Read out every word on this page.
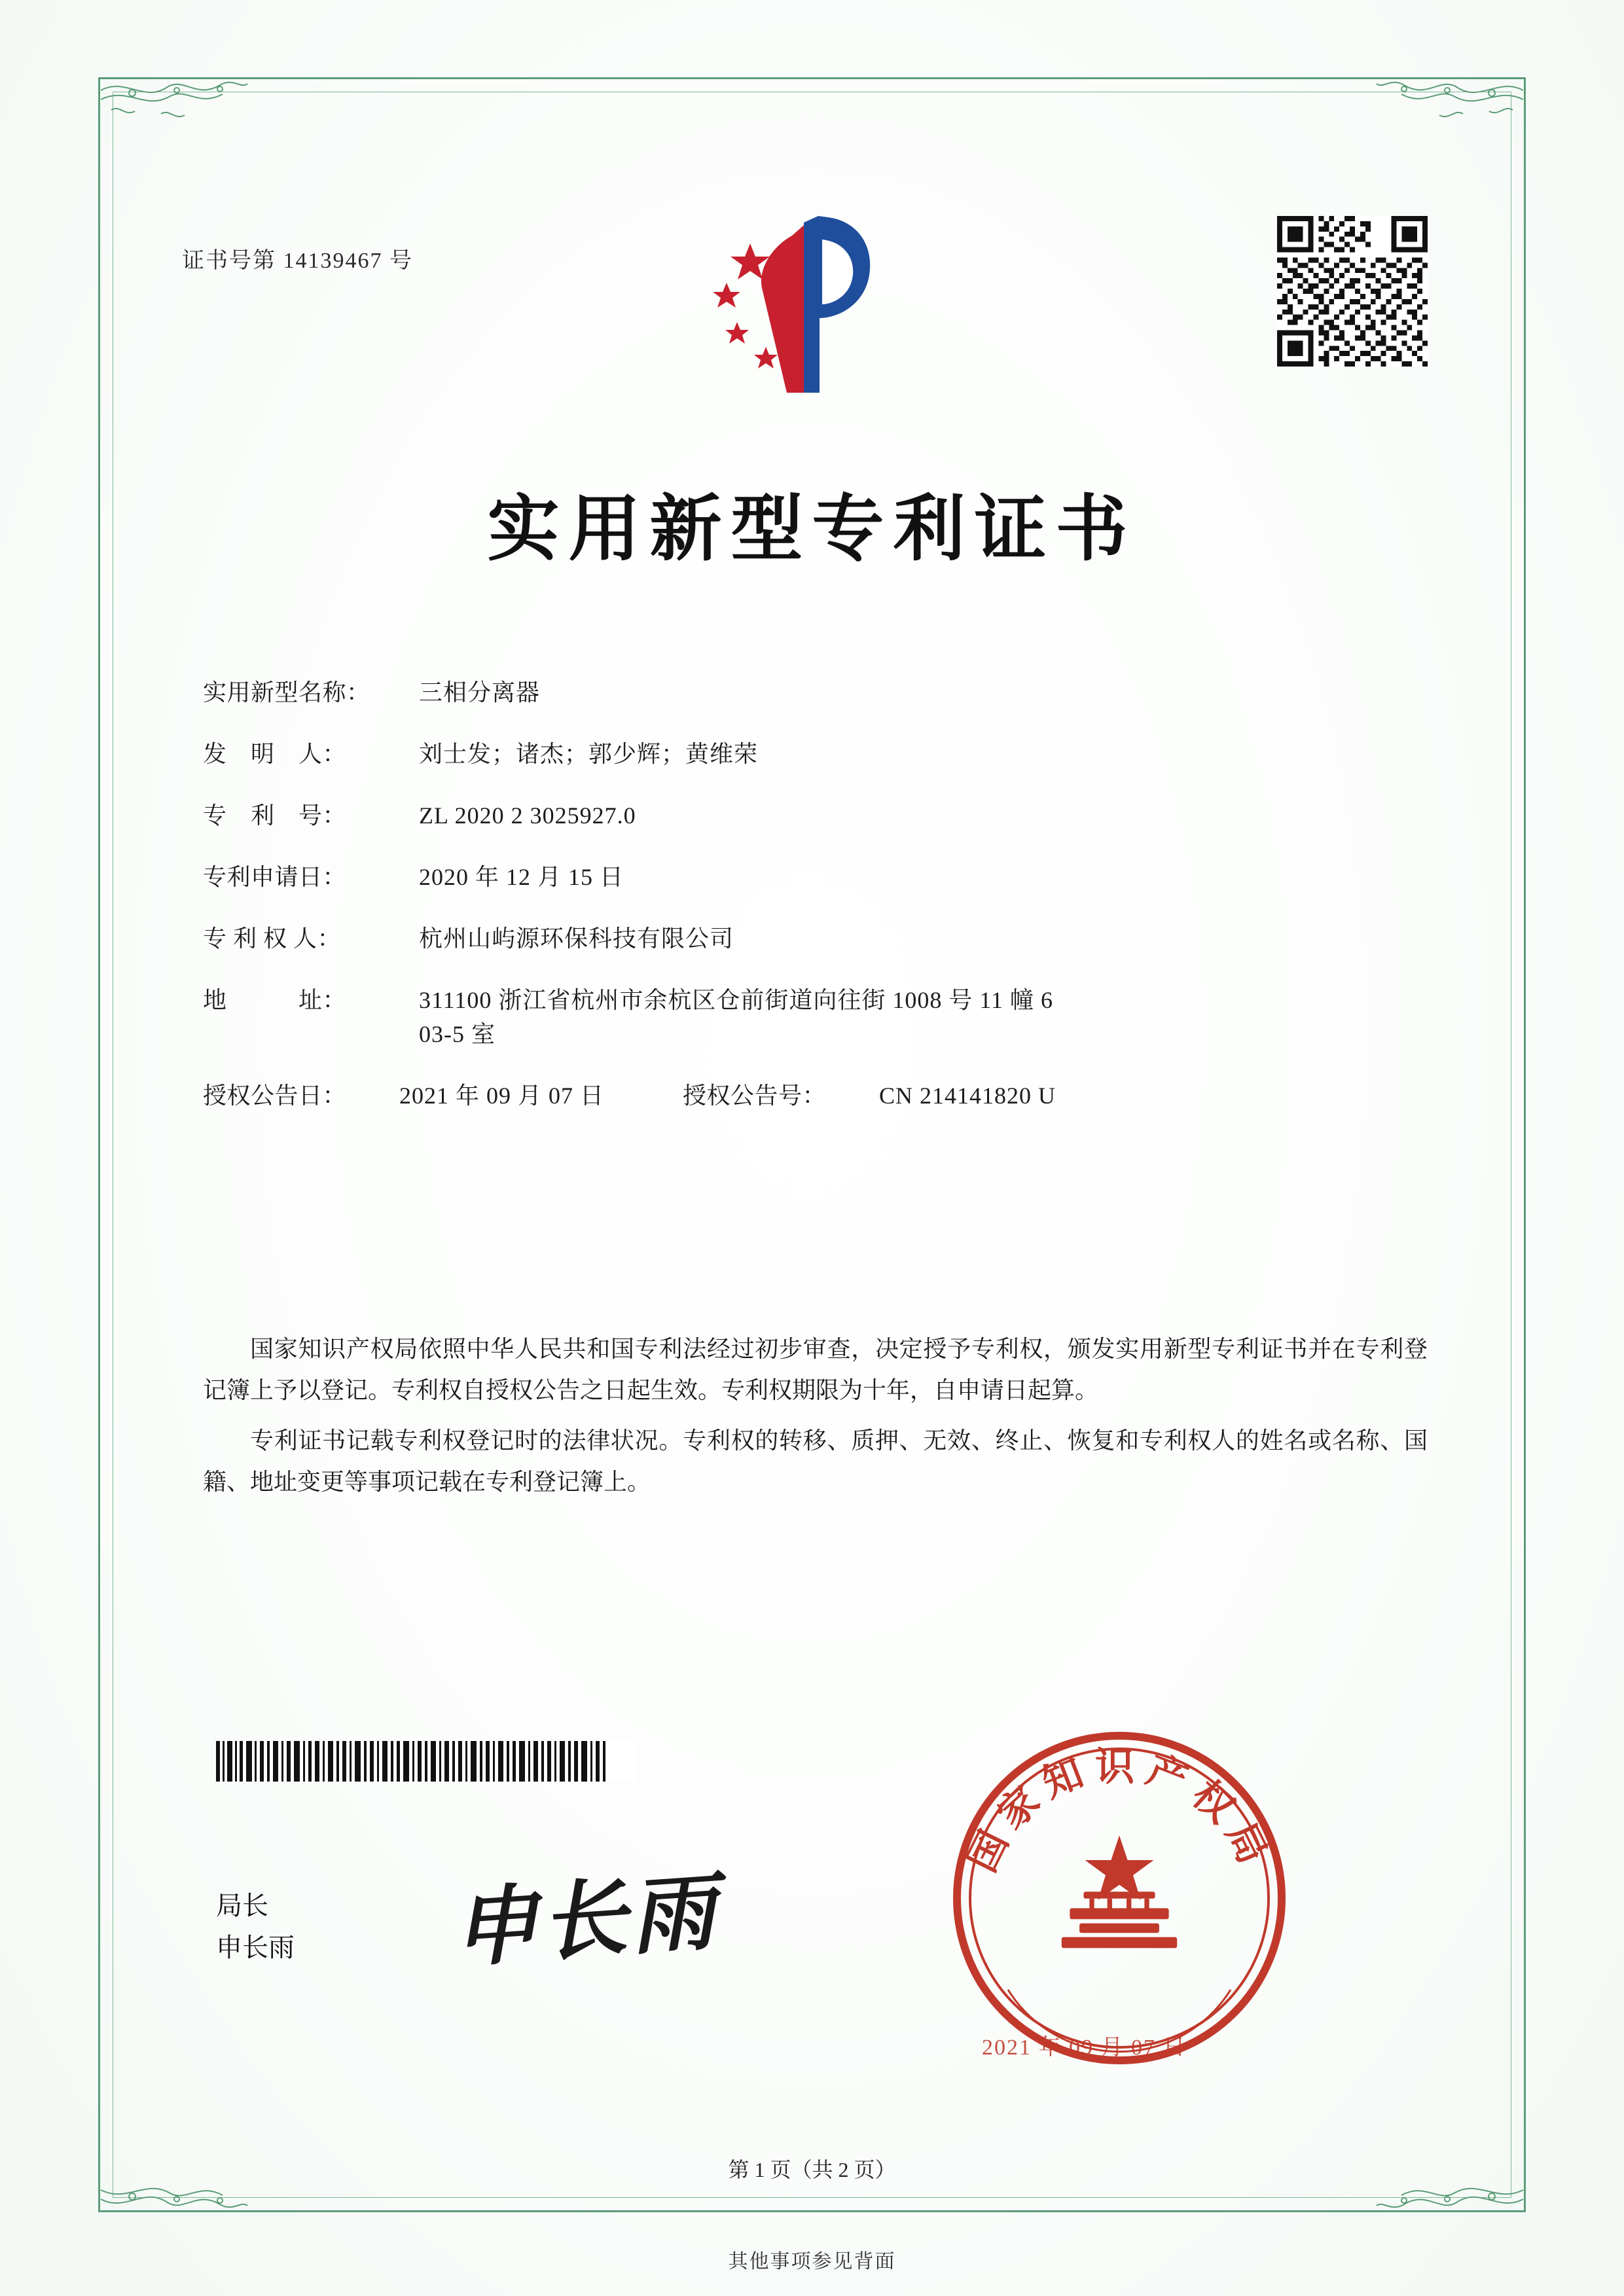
证书号第 14139467 号
实用新型专利证书
实用新型名称：	三相分离器
发　明　人：	刘士发；诸杰；郭少辉；黄维荣
专　利　号：	ZL 2020 2 3025927.0
专利申请日：	2020 年 12 月 15 日
专 利 权 人：	杭州山屿源环保科技有限公司
地　　　址：	311100 浙江省杭州市余杭区仓前街道向往街 1008 号 11 幢 6
03-5 室
授权公告日：	2021 年 09 月 07 日	授权公告号：	CN 214141820 U

国家知识产权局依照中华人民共和国专利法经过初步审查，决定授予专利权，颁发实用新型专利证书并在专利登记簿上予以登记。专利权自授权公告之日起生效。专利权期限为十年，自申请日起算。

专利证书记载专利权登记时的法律状况。专利权的转移、质押、无效、终止、恢复和专利权人的姓名或名称、国籍、地址变更等事项记载在专利登记簿上。

局长
申长雨 申长雨
国家知识产权局
2021 年 09 月 07 日
第 1 页（共 2 页）
其他事项参见背面
